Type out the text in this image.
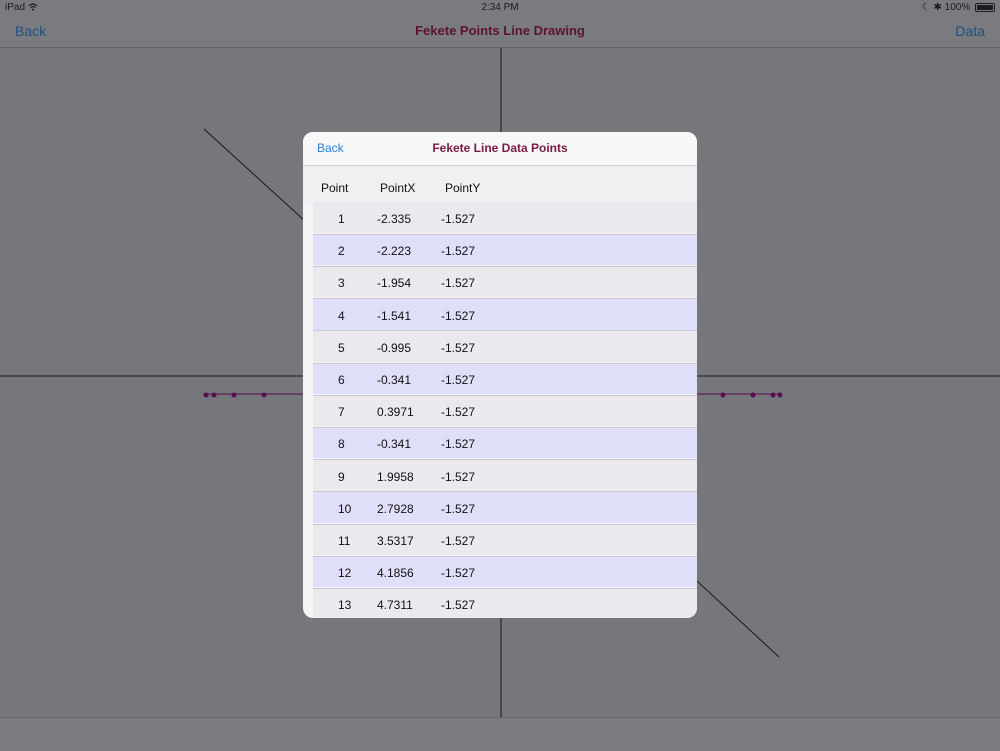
iPad	2:34 PM	☾ ✱ 100%
Back	Fekete Points Line Drawing	Data
Back	Fekete Line Data Points
Point	PointX PointY
1	-2.335 -1.527
2	-2.223 -1.527
3	-1.954 -1.527
4	-1.541 -1.527
5	-0.995 -1.527
6	-0.341 -1.527
7	0.3971 -1.527
8	-0.341 -1.527
9	1.9958 -1.527
10 2.7928 -1.527
11 3.5317 -1.527
12 4.1856 -1.527
13 4.7311 -1.527
